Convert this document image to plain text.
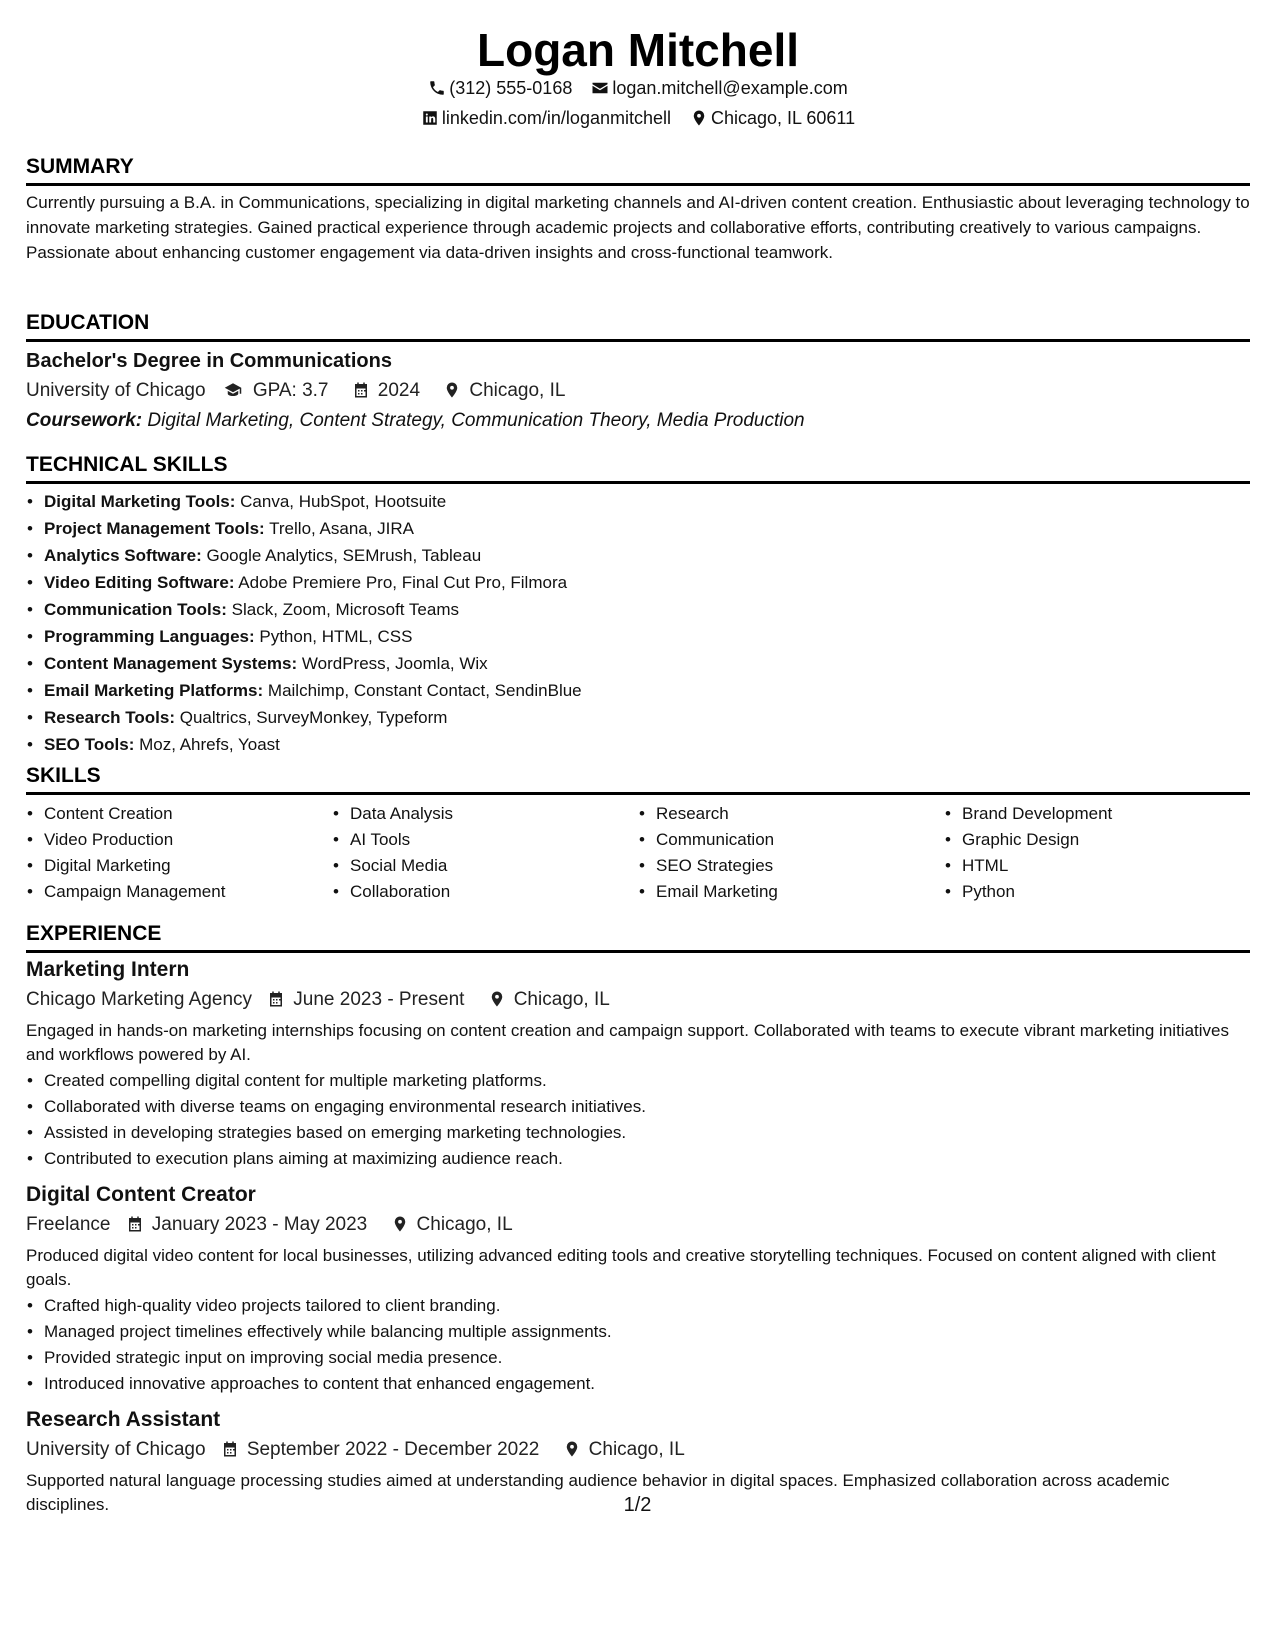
Logan Mitchell
(312) 555-0168 logan.mitchell@example.com
linkedin.com/in/loganmitchell Chicago, IL 60611
SUMMARY

Currently pursuing a B.A. in Communications, specializing in digital marketing channels and AI-driven content creation. Enthusiastic about leveraging technology to innovate marketing strategies. Gained practical experience through academic projects and collaborative efforts, contributing creatively to various campaigns. Passionate about enhancing customer engagement via data-driven insights and cross-functional teamwork.

EDUCATION
Bachelor's Degree in Communications
University of Chicago GPA: 3.7	2024	Chicago, IL
Coursework: Digital Marketing, Content Strategy, Communication Theory, Media Production
TECHNICAL SKILLS
• Digital Marketing Tools: Canva, HubSpot, Hootsuite
• Project Management Tools: Trello, Asana, JIRA
• Analytics Software: Google Analytics, SEMrush, Tableau
• Video Editing Software: Adobe Premiere Pro, Final Cut Pro, Filmora
• Communication Tools: Slack, Zoom, Microsoft Teams
• Programming Languages: Python, HTML, CSS
• Content Management Systems: WordPress, Joomla, Wix
• Email Marketing Platforms: Mailchimp, Constant Contact, SendinBlue
• Research Tools: Qualtrics, SurveyMonkey, Typeform
• SEO Tools: Moz, Ahrefs, Yoast
SKILLS
• Content Creation
• Video Production
• Digital Marketing
• Campaign Management
• Data Analysis
• AI Tools
• Social Media
• Collaboration
• Research
• Communication
• SEO Strategies
• Email Marketing
• Brand Development
• Graphic Design
• HTML
• Python
EXPERIENCE
Marketing Intern
Chicago Marketing Agency June 2023 - Present	Chicago, IL
Engaged in hands-on marketing internships focusing on content creation and campaign support. Collaborated with teams to execute vibrant marketing initiatives and workflows powered by AI.
• Created compelling digital content for multiple marketing platforms.
• Collaborated with diverse teams on engaging environmental research initiatives.
• Assisted in developing strategies based on emerging marketing technologies.
• Contributed to execution plans aiming at maximizing audience reach.
Digital Content Creator
Freelance January 2023 - May 2023	Chicago, IL
Produced digital video content for local businesses, utilizing advanced editing tools and creative storytelling techniques. Focused on content aligned with client goals.
• Crafted high-quality video projects tailored to client branding.
• Managed project timelines effectively while balancing multiple assignments.
• Provided strategic input on improving social media presence.
• Introduced innovative approaches to content that enhanced engagement.
Research Assistant
University of Chicago September 2022 - December 2022	Chicago, IL
Supported natural language processing studies aimed at understanding audience behavior in digital spaces. Emphasized collaboration across academic disciplines.	1/2
